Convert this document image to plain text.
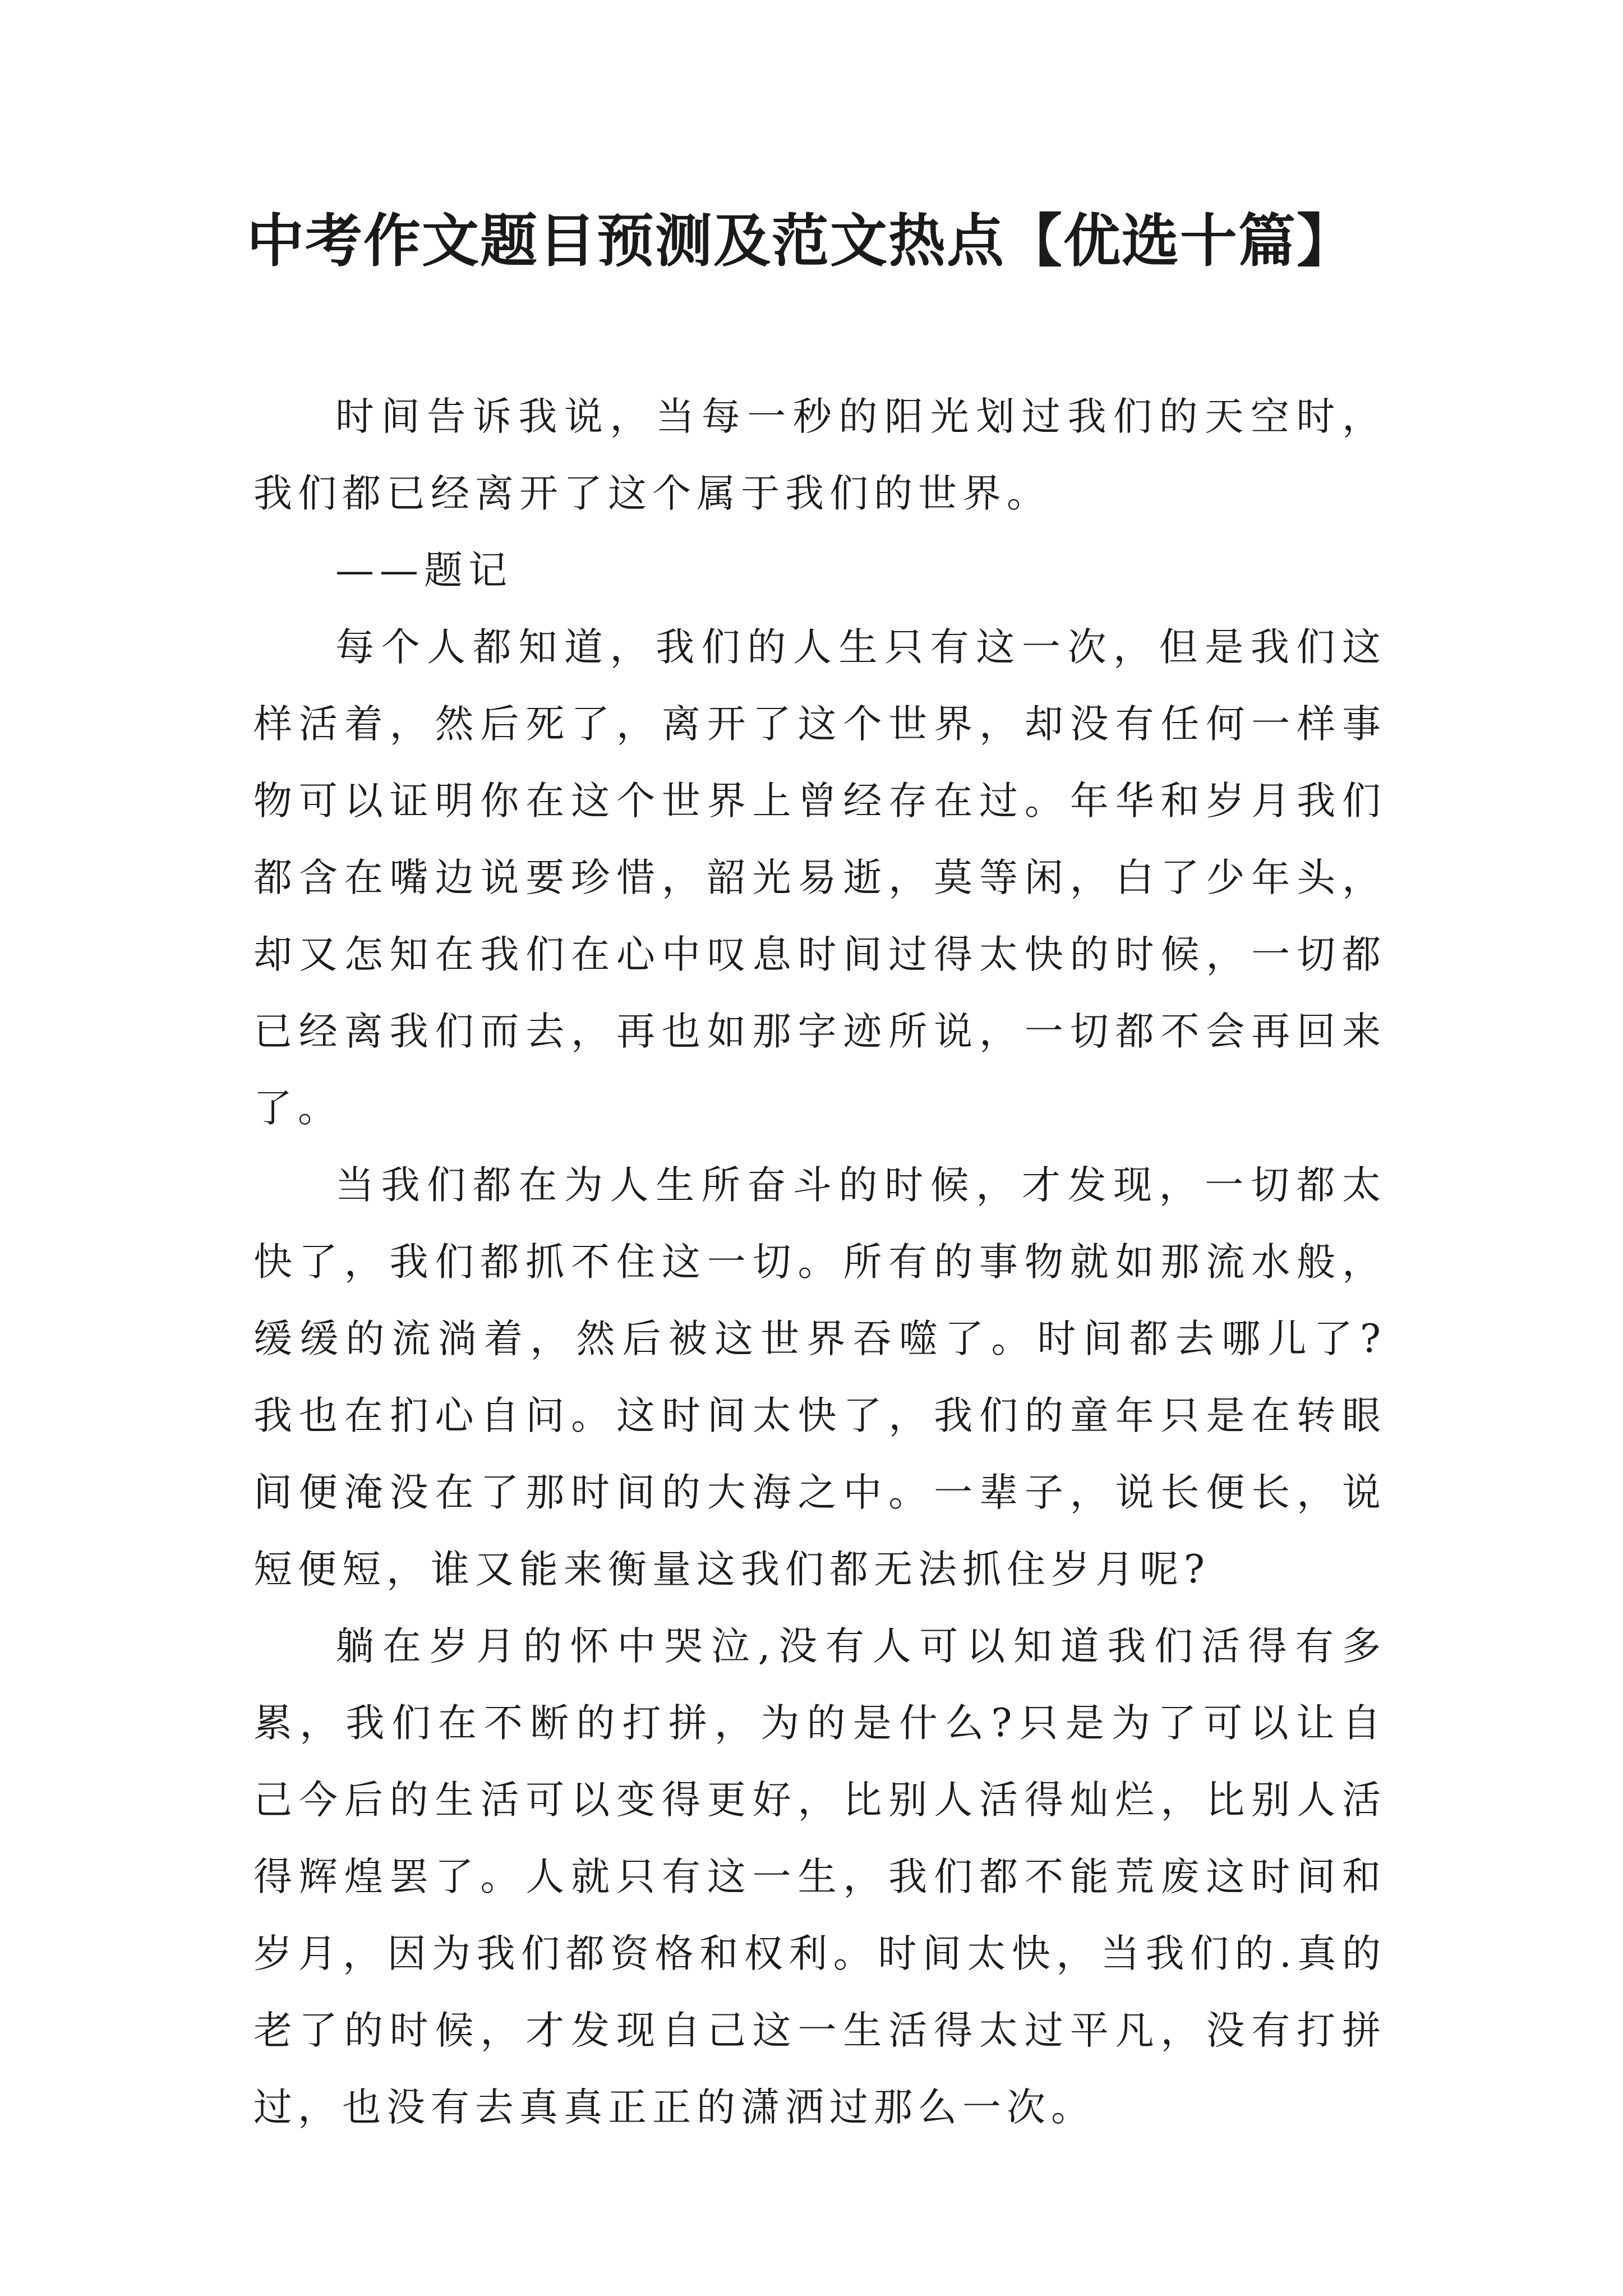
中考作文题目预测及范文热点【优选十篇】

时间告诉我说，当每一秒的阳光划过我们的天空时，我们都已经离开了这个属于我们的世界。

——题记

每个人都知道，我们的人生只有这一次，但是我们这样活着，然后死了，离开了这个世界，却没有任何一样事物可以证明你在这个世界上曾经存在过。年华和岁月我们都含在嘴边说要珍惜，韶光易逝，莫等闲，白了少年头，却又怎知在我们在心中叹息时间过得太快的时候，一切都已经离我们而去，再也如那字迹所说，一切都不会再回来了。

当我们都在为人生所奋斗的时候，才发现，一切都太快了，我们都抓不住这一切。所有的事物就如那流水般，缓缓的流淌着，然后被这世界吞噬了。时间都去哪儿了?我也在扪心自问。这时间太快了，我们的童年只是在转眼间便淹没在了那时间的大海之中。一辈子，说长便长，说短便短，谁又能来衡量这我们都无法抓住岁月呢?

躺在岁月的怀中哭泣,没有人可以知道我们活得有多累，我们在不断的打拼，为的是什么?只是为了可以让自己今后的生活可以变得更好，比别人活得灿烂，比别人活得辉煌罢了。人就只有这一生，我们都不能荒废这时间和岁月，因为我们都资格和权利。时间太快，当我们的.真的老了的时候，才发现自己这一生活得太过平凡，没有打拼过，也没有去真真正正的潇洒过那么一次。
